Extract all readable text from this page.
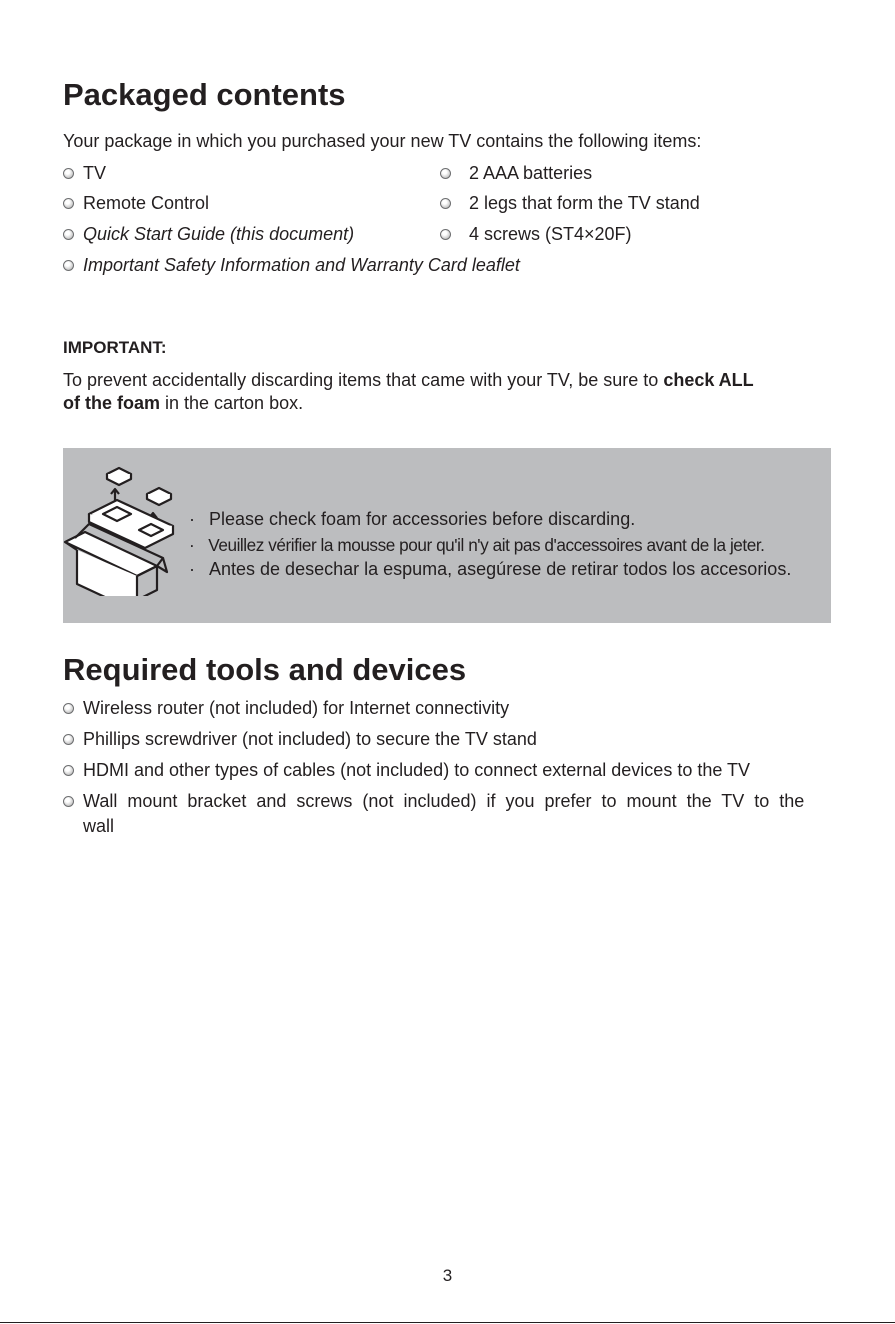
Packaged contents

Your package in which you purchased your new TV contains the following items:

TV
Remote Control
Quick Start Guide (this document)
Important Safety Information and Warranty Card leaflet
2 AAA batteries
2 legs that form the TV stand
4 screws (ST4×20F)

IMPORTANT:

To prevent accidentally discarding items that came with your TV, be sure to check ALL
of the foam in the carton box.

· Please check foam for accessories before discarding.
· Veuillez vérifier la mousse pour qu'il n'y ait pas d'accessoires avant de la jeter.
· Antes de desechar la espuma, asegúrese de retirar todos los accesorios.
Required tools and devices
Wireless router (not included) for Internet connectivity
Phillips screwdriver (not included) to secure the TV stand
HDMI and other types of cables (not included) to connect external devices to the TV
Wall mount bracket and screws (not included) if you prefer to mount the TV to the
wall
3
